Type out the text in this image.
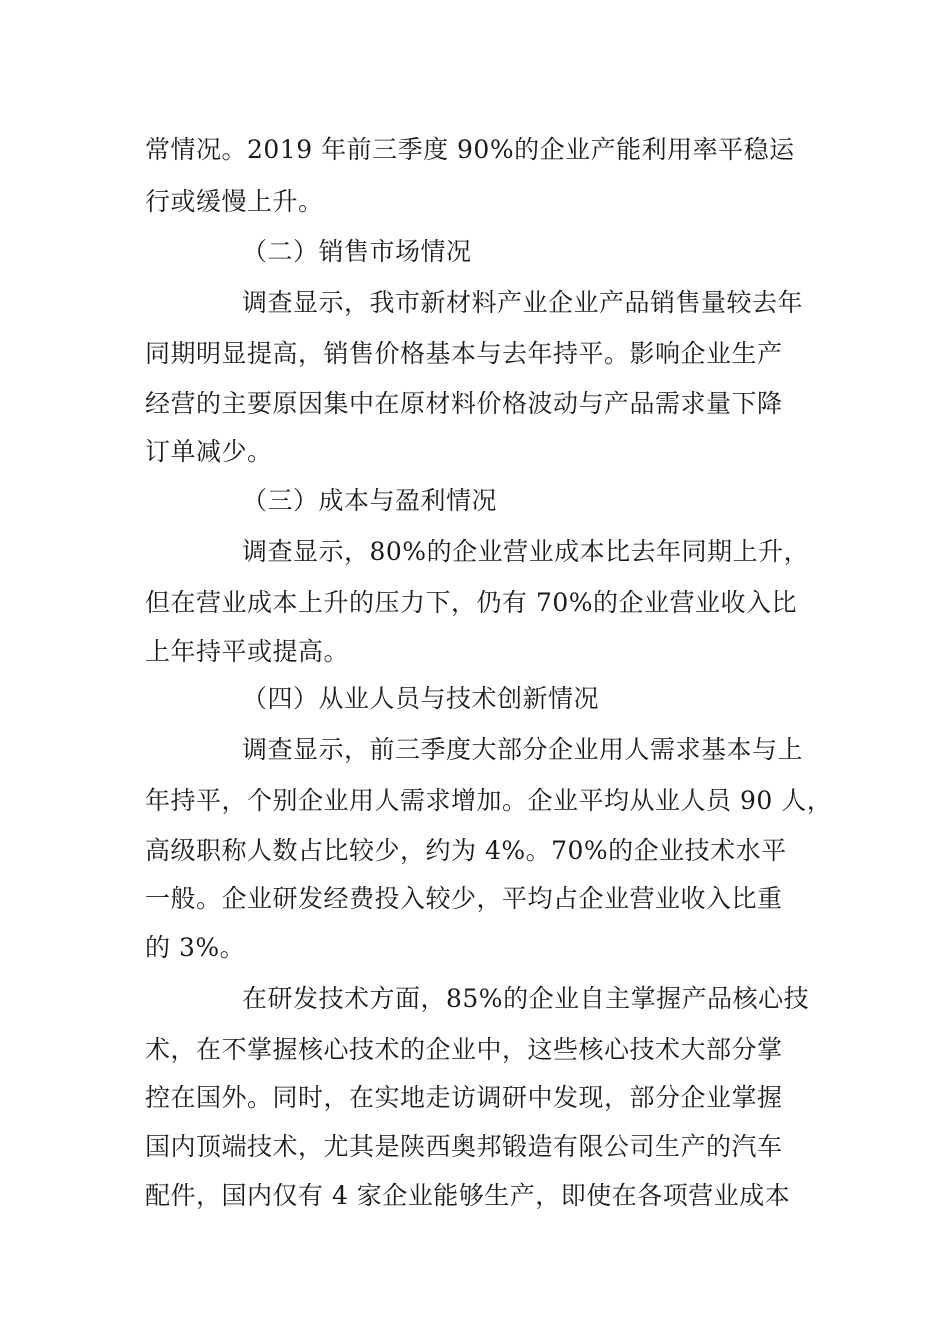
常情况。2019 年前三季度 90%的企业产能利用率平稳运
行或缓慢上升。
（二）销售市场情况
调查显示，我市新材料产业企业产品销售量较去年
同期明显提高，销售价格基本与去年持平。影响企业生产
经营的主要原因集中在原材料价格波动与产品需求量下降
订单减少。
（三）成本与盈利情况
调查显示，80%的企业营业成本比去年同期上升，
但在营业成本上升的压力下，仍有 70%的企业营业收入比
上年持平或提高。
（四）从业人员与技术创新情况
调查显示，前三季度大部分企业用人需求基本与上
年持平，个别企业用人需求增加。企业平均从业人员 90 人，
高级职称人数占比较少，约为 4%。70%的企业技术水平
一般。企业研发经费投入较少，平均占企业营业收入比重
的 3%。
在研发技术方面，85%的企业自主掌握产品核心技
术，在不掌握核心技术的企业中，这些核心技术大部分掌
控在国外。同时，在实地走访调研中发现，部分企业掌握
国内顶端技术，尤其是陕西奥邦锻造有限公司生产的汽车
配件，国内仅有 4 家企业能够生产，即使在各项营业成本
